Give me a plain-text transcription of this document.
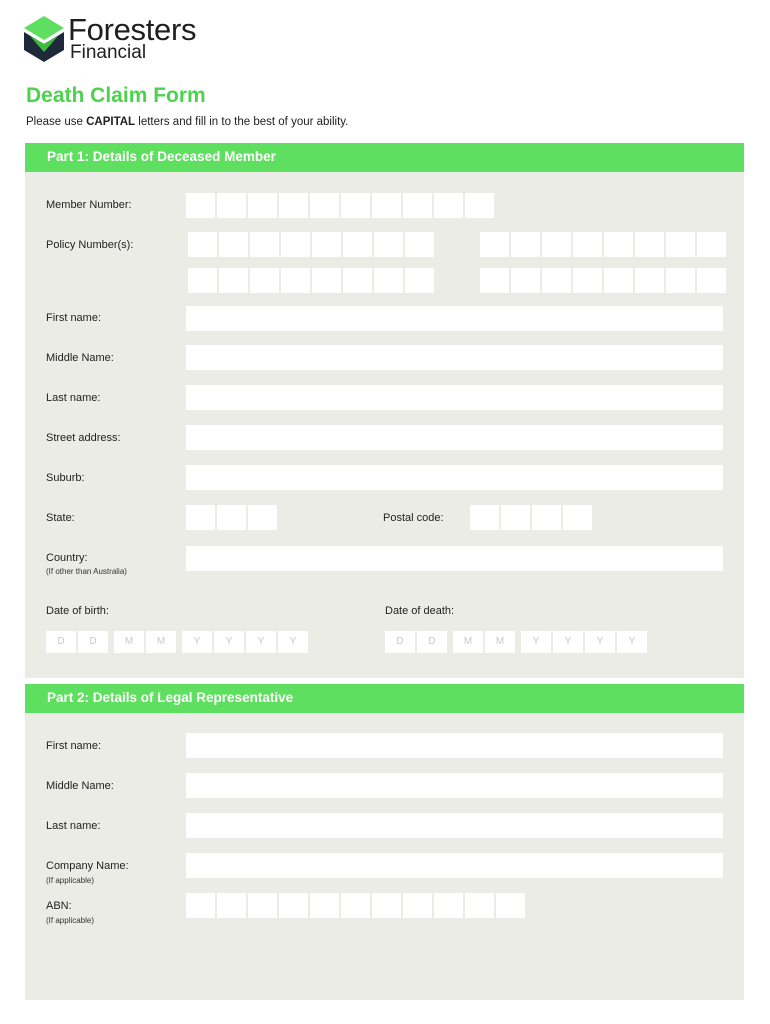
Foresters
Financial
Death Claim Form
Please use CAPITAL letters and fill in to the best of your ability.
Part 1: Details of Deceased Member
Member Number:
Policy Number(s):
First name:
Middle Name:
Last name:
Street address:
Suburb:
State:	Postal code:
Country:
(If other than Australia)
Date of birth:
D	D	M	M	Y	Y	Y	Y
Date of death:
D	D	M	M	Y	Y	Y	Y
Part 2: Details of Legal Representative
First name:
Middle Name:
Last name:
Company Name:
(If applicable)
ABN:
(If applicable)
